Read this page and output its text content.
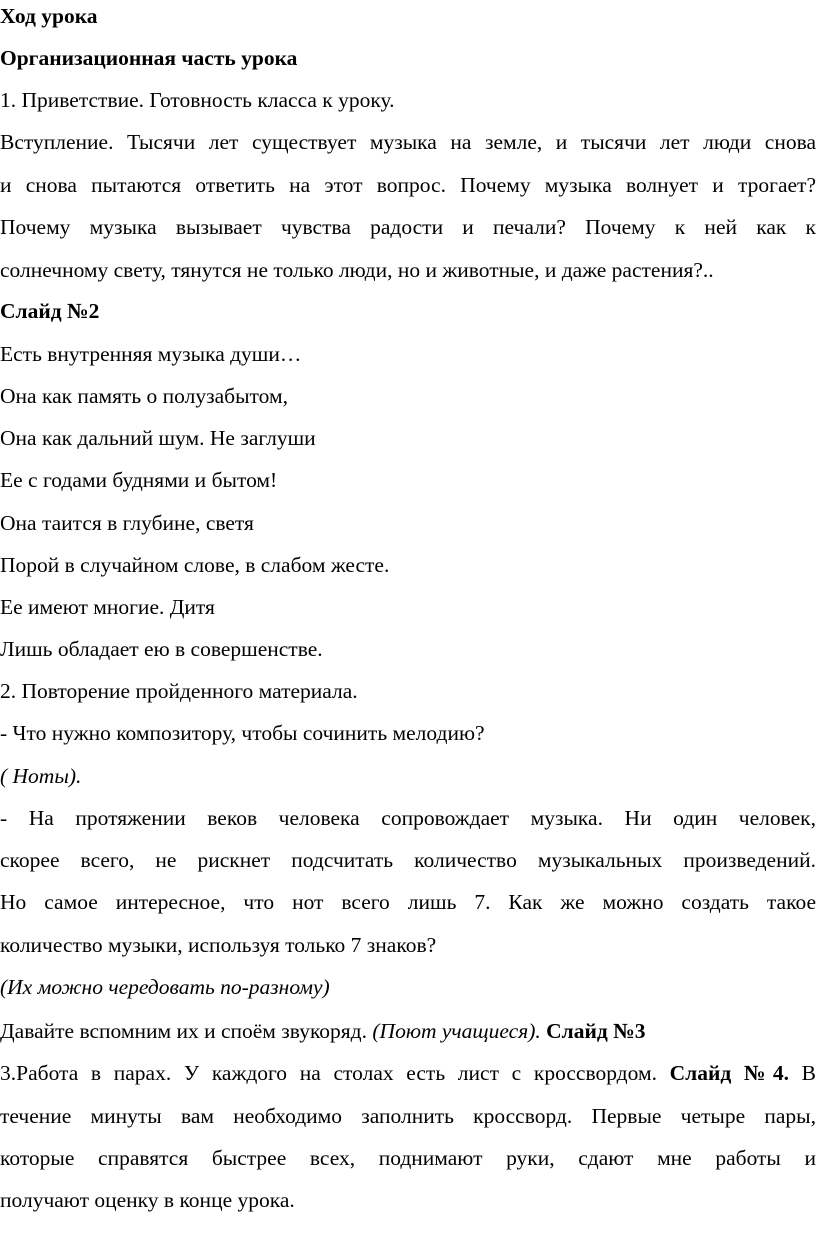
Ход урока
Организационная часть урока
1. Приветствие. Готовность класса к уроку.
Вступление. Тысячи лет существует музыка на земле, и тысячи лет люди снова
и снова пытаются ответить на этот вопрос. Почему музыка волнует и трогает?
Почему музыка вызывает чувства радости и печали? Почему к ней как к
солнечному свету, тянутся не только люди, но и животные, и даже растения?..
Слайд №2
Есть внутренняя музыка души…
Она как память о полузабытом,
Она как дальний шум. Не заглуши
Ее с годами буднями и бытом!
Она таится в глубине, светя
Порой в случайном слове, в слабом жесте.
Ее имеют многие. Дитя
Лишь обладает ею в совершенстве.
2. Повторение пройденного материала.
- Что нужно композитору, чтобы сочинить мелодию?
( Ноты).
- На протяжении веков человека сопровождает музыка. Ни один человек,
скорее всего, не рискнет подсчитать количество музыкальных произведений.
Но самое интересное, что нот всего лишь 7. Как же можно создать такое
количество музыки, используя только 7 знаков?
(Их можно чередовать по-разному)
Давайте вспомним их и споём звукоряд. (Поют учащиеся). Слайд №3
3.Работа в парах. У каждого на столах есть лист с кроссвордом. Слайд №4. В
течение минуты вам необходимо заполнить кроссворд. Первые четыре пары,
которые справятся быстрее всех, поднимают руки, сдают мне работы и
получают оценку в конце урока.
